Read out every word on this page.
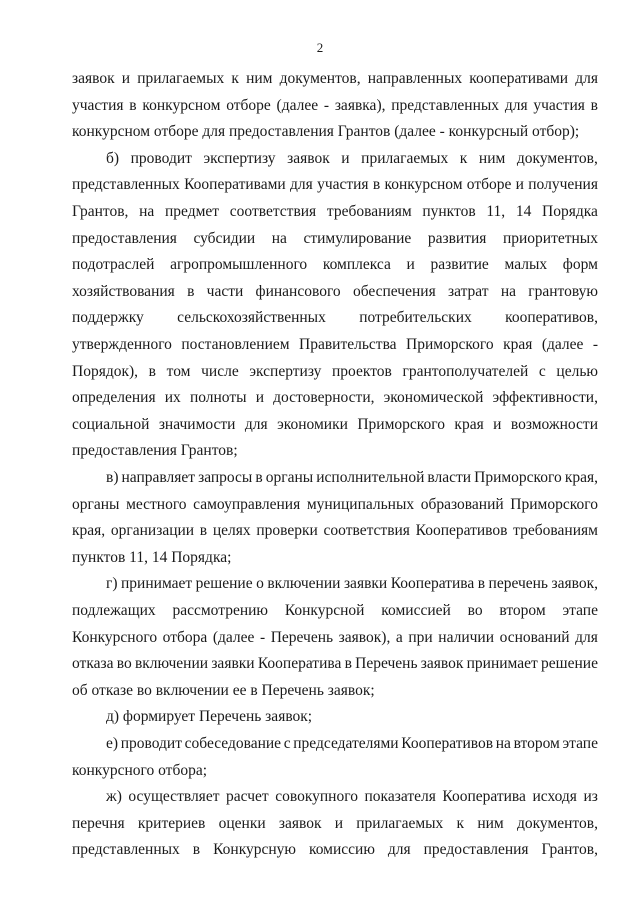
2
заявок и прилагаемых к ним документов, направленных кооперативами для
участия в конкурсном отборе (далее - заявка), представленных для участия в
конкурсном отборе для предоставления Грантов (далее - конкурсный отбор);
б) проводит экспертизу заявок и прилагаемых к ним документов,
представленных Кооперативами для участия в конкурсном отборе и получения
Грантов, на предмет соответствия требованиям пунктов 11, 14 Порядка
предоставления субсидии на стимулирование развития приоритетных
подотраслей агропромышленного комплекса и развитие малых форм
хозяйствования в части финансового обеспечения затрат на грантовую
поддержку сельскохозяйственных потребительских кооперативов,
утвержденного постановлением Правительства Приморского края (далее -
Порядок), в том числе экспертизу проектов грантополучателей с целью
определения их полноты и достоверности, экономической эффективности,
социальной значимости для экономики Приморского края и возможности
предоставления Грантов;
в) направляет запросы в органы исполнительной власти Приморского края,
органы местного самоуправления муниципальных образований Приморского
края, организации в целях проверки соответствия Кооперативов требованиям
пунктов 11, 14 Порядка;
г) принимает решение о включении заявки Кооператива в перечень заявок,
подлежащих рассмотрению Конкурсной комиссией во втором этапе
Конкурсного отбора (далее - Перечень заявок), а при наличии оснований для
отказа во включении заявки Кооператива в Перечень заявок принимает решение
об отказе во включении ее в Перечень заявок;
д) формирует Перечень заявок;
е) проводит собеседование с председателями Кооперативов на втором этапе
конкурсного отбора;
ж) осуществляет расчет совокупного показателя Кооператива исходя из
перечня критериев оценки заявок и прилагаемых к ним документов,
представленных в Конкурсную комиссию для предоставления Грантов,
